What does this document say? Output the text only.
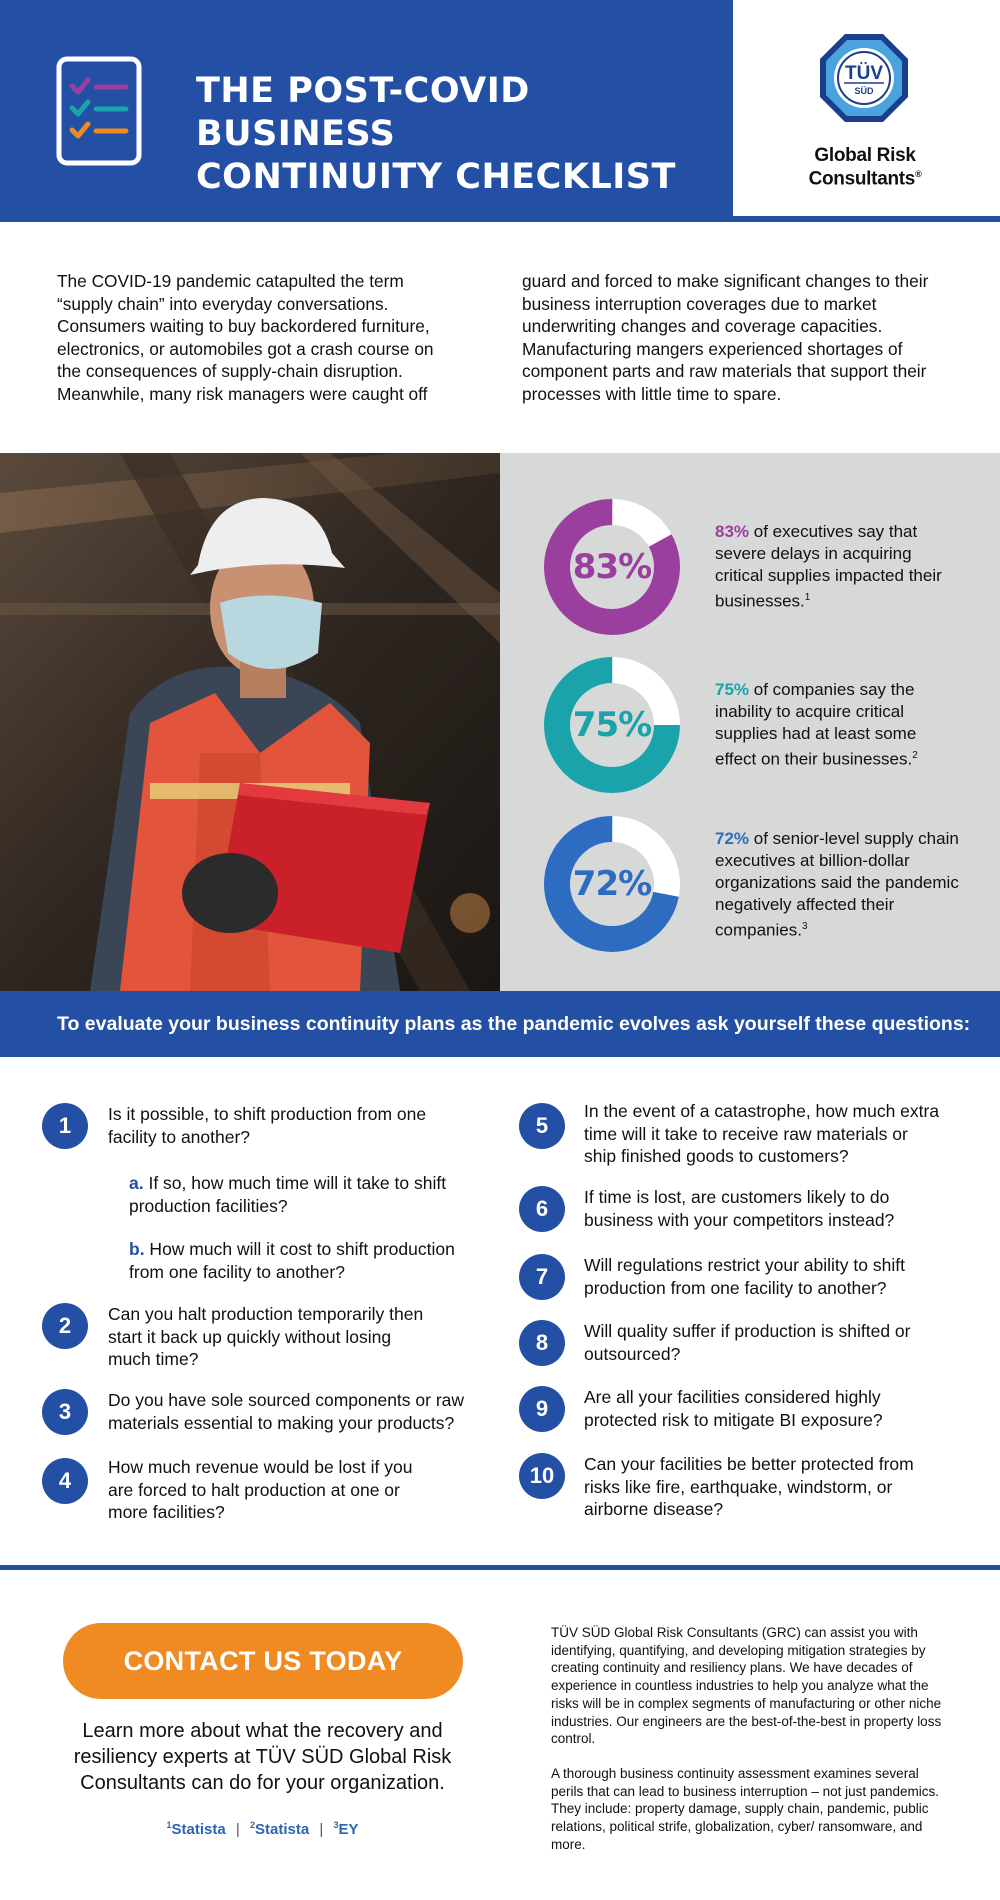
THE POST-COVID BUSINESS
CONTINUITY CHECKLIST
TÜV
SÜD
Global Risk
Consultants®

The COVID-19 pandemic catapulted the term “supply chain” into everyday conversations. Consumers waiting to buy backordered furniture, electronics, or automobiles got a crash course on the consequences of supply-chain disruption. Meanwhile, many risk managers were caught off

guard and forced to make significant changes to their business interruption coverages due to market underwriting changes and coverage capacities. Manufacturing mangers experienced shortages of component parts and raw materials that support their processes with little time to spare.

83%
83% of executives say that severe delays in acquiring critical supplies impacted their businesses.$^1$
75%
75% of companies say the inability to acquire critical supplies had at least some effect on their businesses.$^2$
72%
72% of senior-level supply chain executives at billion-dollar organizations said the pandemic negatively affected their companies.$^3$
To evaluate your business continuity plans as the pandemic evolves ask yourself these questions:
1	Is it possible, to shift production from one facility to another?
a. If so, how much time will it take to shift production facilities?
b. How much will it cost to shift production from one facility to another?
2	Can you halt production temporarily then start it back up quickly without losing much time?
3	Do you have sole sourced components or raw materials essential to making your products?
4
How much revenue would be lost if you are forced to halt production at one or more facilities?
5
In the event of a catastrophe, how much extra time will it take to receive raw materials or ship finished goods to customers?
6	If time is lost, are customers likely to do business with your competitors instead?
7	Will regulations restrict your ability to shift production from one facility to another?
8	Will quality suffer if production is shifted or outsourced?
9	Are all your facilities considered highly protected risk to mitigate BI exposure?
10	Can your facilities be better protected from risks like fire, earthquake, windstorm, or airborne disease?
CONTACT US TODAY
Learn more about what the recovery and resiliency experts at TÜV SÜD Global Risk Consultants can do for your organization.
$^1$Statista | $^2$Statista | $^3$EY

TÜV SÜD Global Risk Consultants (GRC) can assist you with identifying, quantifying, and developing mitigation strategies by creating continuity and resiliency plans. We have decades of experience in countless industries to help you analyze what the risks will be in complex segments of manufacturing or other niche industries. Our engineers are the best-of-the-best in property loss control.

A thorough business continuity assessment examines several perils that can lead to business interruption – not just pandemics. They include: property damage, supply chain, pandemic, public relations, political strife, globalization, cyber/ ransomware, and more.
